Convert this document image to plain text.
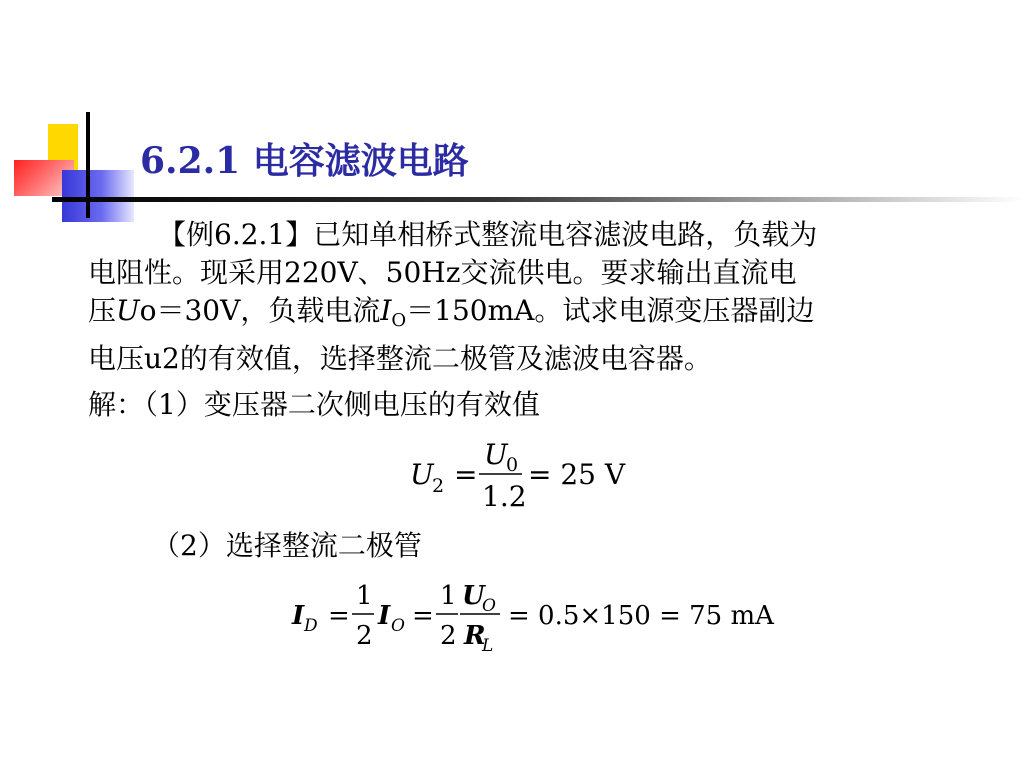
6.2.1 电容滤波电路
【例6.2.1】已知单相桥式整流电容滤波电路，负载为
电阻性。现采用220V、50Hz交流供电。要求输出直流电
压Uo＝30V，负载电流$I_O=150mA$。试求电源变压器副边
电压u2的有效值，选择整流二极管及滤波电容器。
解：（1）变压器二次侧电压的有效值
U
2 =
U
0
1.2
= 25 V
（2）选择整流二极管
I D =
1
2
I O =
1
2
U
O
R
L
= 0.5×150 = 75 mA
